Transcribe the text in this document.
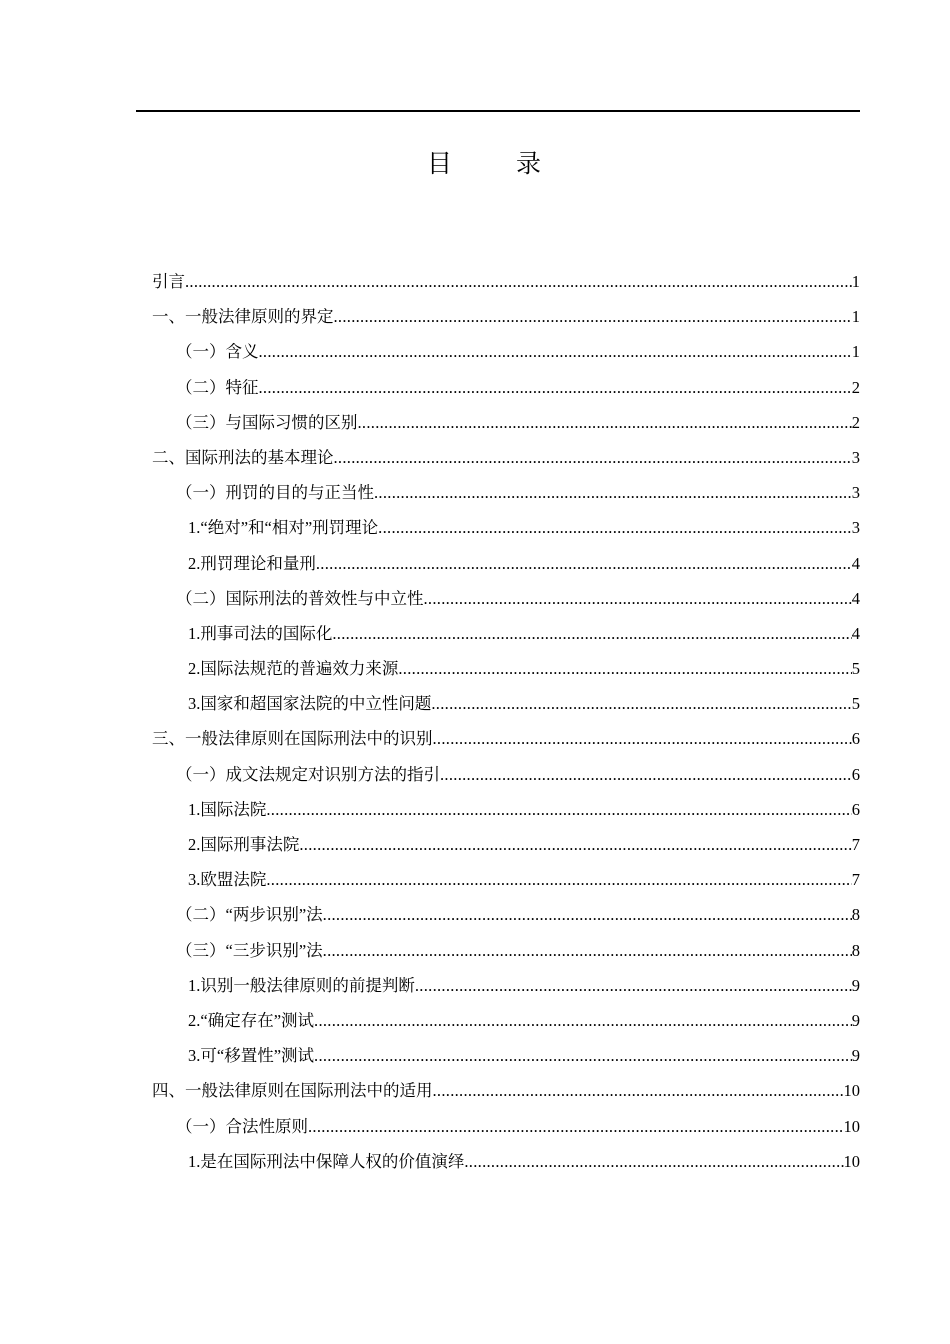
目 录
引言 .....	1
一、一般法律原则的界定 .....	1
（一）含义 .....	1
（二）特征 .....	2
（三）与国际习惯的区别 .....	2
二、国际刑法的基本理论 .....	3
（一）刑罚的目的与正当性 .....	3
1.“绝对”和“相对”刑罚理论 .....	3
2.刑罚理论和量刑 .....	4
（二）国际刑法的普效性与中立性 .....	4
1.刑事司法的国际化 .....	4
2.国际法规范的普遍效力来源 .....	5
3.国家和超国家法院的中立性问题 .....	5
三、一般法律原则在国际刑法中的识别 .....	6
（一）成文法规定对识别方法的指引 .....	6
1.国际法院 .....	6
2.国际刑事法院 .....	7
3.欧盟法院 .....	7
（二）“两步识别”法 .....	8
（三）“三步识别”法 .....	8
1.识别一般法律原则的前提判断 .....	9
2.“确定存在”测试 .....	9
3.可“移置性”测试 .....	9
四、一般法律原则在国际刑法中的适用 .....	10
（一）合法性原则 .....	10
1.是在国际刑法中保障人权的价值演绎 .....	10
